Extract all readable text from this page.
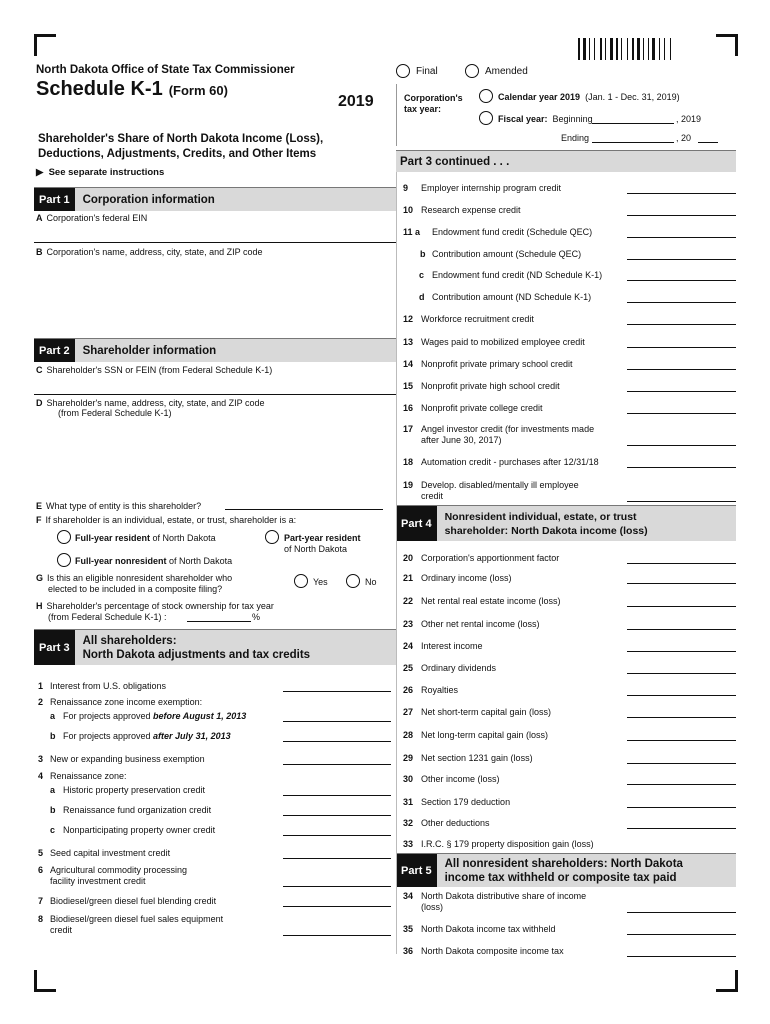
North Dakota Office of State Tax Commissioner
Schedule K-1 (Form 60)
2019
Shareholder's Share of North Dakota Income (Loss),
Deductions, Adjustments, Credits, and Other Items
▶ See separate instructions
Final	Amended
Corporation's
tax year:
Calendar year 2019 (Jan. 1 - Dec. 31, 2019)
Fiscal year: Beginning	, 2019
Ending	, 20
Part 3 continued . . .
Part 1	Corporation information
A Corporation's federal EIN
B Corporation's name, address, city, state, and ZIP code
Part 2	Shareholder information
C Shareholder's SSN or FEIN (from Federal Schedule K-1)
D Shareholder's name, address, city, state, and ZIP code
(from Federal Schedule K-1)
E What type of entity is this shareholder?
F If shareholder is an individual, estate, or trust, shareholder is a:
Full-year resident of North Dakota	Part-year resident
of North Dakota
Full-year nonresident of North Dakota
G Is this an eligible nonresident shareholder who
elected to be included in a composite filing?
Yes	No
H Shareholder's percentage of stock ownership for tax year
(from Federal Schedule K-1) :	%
Part 3
All shareholders:
North Dakota adjustments and tax credits
1 Interest from U.S. obligations
2 Renaissance zone income exemption:
a For projects approved before August 1, 2013
b For projects approved after July 31, 2013
3 New or expanding business exemption
4 Renaissance zone:
a Historic property preservation credit
b Renaissance fund organization credit
c Nonparticipating property owner credit
5 Seed capital investment credit
6 Agricultural commodity processing
facility investment credit
7 Biodiesel/green diesel fuel blending credit
8 Biodiesel/green diesel fuel sales equipment
credit
9 Employer internship program credit
10 Research expense credit
11 a Endowment fund credit (Schedule QEC)
b Contribution amount (Schedule QEC)
c Endowment fund credit (ND Schedule K-1)
d Contribution amount (ND Schedule K-1)
12 Workforce recruitment credit
13 Wages paid to mobilized employee credit
14 Nonprofit private primary school credit
15 Nonprofit private high school credit
16 Nonprofit private college credit
17 Angel investor credit (for investments made
after June 30, 2017)
18 Automation credit - purchases after 12/31/18
19 Develop. disabled/mentally ill employee
credit
Part 4
Nonresident individual, estate, or trust
shareholder: North Dakota income (loss)
20 Corporation's apportionment factor
21 Ordinary income (loss)
22 Net rental real estate income (loss)
23 Other net rental income (loss)
24 Interest income
25 Ordinary dividends
26 Royalties
27 Net short-term capital gain (loss)
28 Net long-term capital gain (loss)
29 Net section 1231 gain (loss)
30 Other income (loss)
31 Section 179 deduction
32 Other deductions
33 I.R.C. § 179 property disposition gain (loss)
Part 5
All nonresident shareholders: North Dakota
income tax withheld or composite tax paid
34 North Dakota distributive share of income
(loss)
35 North Dakota income tax withheld
36 North Dakota composite income tax
